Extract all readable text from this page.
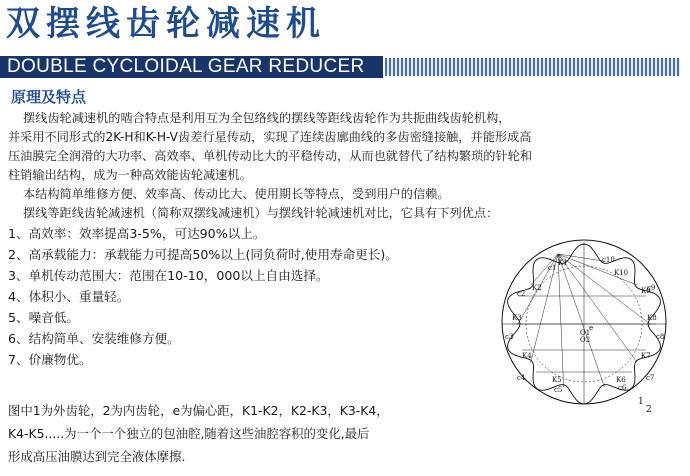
双摆线齿轮减速机
DOUBLE CYCLOIDAL GEAR REDUCER
原理及特点
摆线齿轮减速机的啮合特点是利用互为全包络线的摆线等距线齿轮作为共扼曲线齿轮机构，
并采用不同形式的2K-H和K-H-V齿差行星传动，实现了连续齿廓曲线的多齿密缝接触，并能形成高
压油膜完全润滑的大功率、高效率、单机传动比大的平稳传动，从而也就替代了结构繁琐的针轮和
柱销输出结构，成为一种高效能齿轮减速机。
本结构简单维修方便、效率高、传动比大、使用期长等特点，受到用户的信赖。
摆线等距线齿轮减速机（简称双摆线减速机）与摆线针轮减速机对比，它具有下列优点：
1、高效率：效率提高3-5%，可达90%以上。
2、高承载能力：承载能力可提高50%以上(同负荷时,使用寿命更长)。
3、单机传动范围大：范围在10-10，000以上自由选择。
4、体积小、重量轻。
5、噪音低。
6、结构简单、安装维修方便。
7、价廉物优。
图中1为外齿轮，2为内齿轮，e为偏心距，K1-K2，K2-K3，K3-K4，
K4-K5.....为一个一个独立的包油腔,随着这些油腔容积的变化,最后
形成高压油膜达到完全液体摩擦.
K1
c1
c10
K10
K2
c2	K9
c9
K3	K8
c3	c8
O1
O2
e
K4
c4
K7
c7
K5
c5
K6
c6
1
2
